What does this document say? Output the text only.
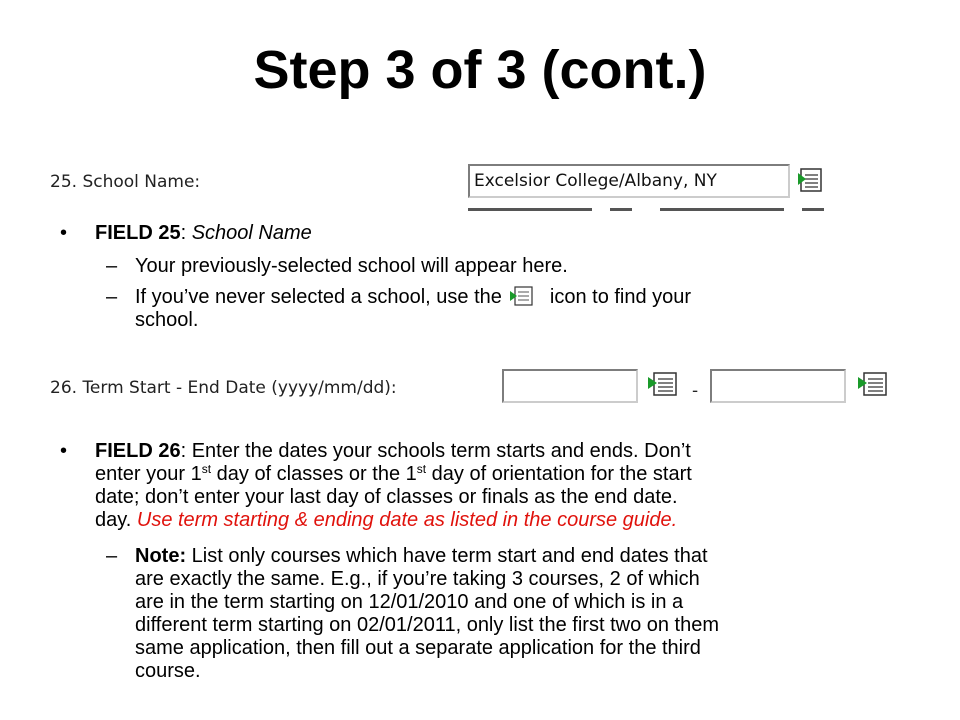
Step 3 of 3 (cont.)
25. School Name:	Excelsior College/Albany, NY
• FIELD 25: School Name
– Your previously-selected school will appear here.
– If you’ve never selected a school, use the icon to find your
school.
26. Term Start - End Date (yyyy/mm/dd):	-
• FIELD 26: Enter the dates your schools term starts and ends. Don’t
enter your 1st day of classes or the 1st day of orientation for the start
date; don’t enter your last day of classes or finals as the end date.
day. Use term starting & ending date as listed in the course guide.
– Note: List only courses which have term start and end dates that
are exactly the same. E.g., if you’re taking 3 courses, 2 of which
are in the term starting on 12/01/2010 and one of which is in a
different term starting on 02/01/2011, only list the first two on them
same application, then fill out a separate application for the third
course.
